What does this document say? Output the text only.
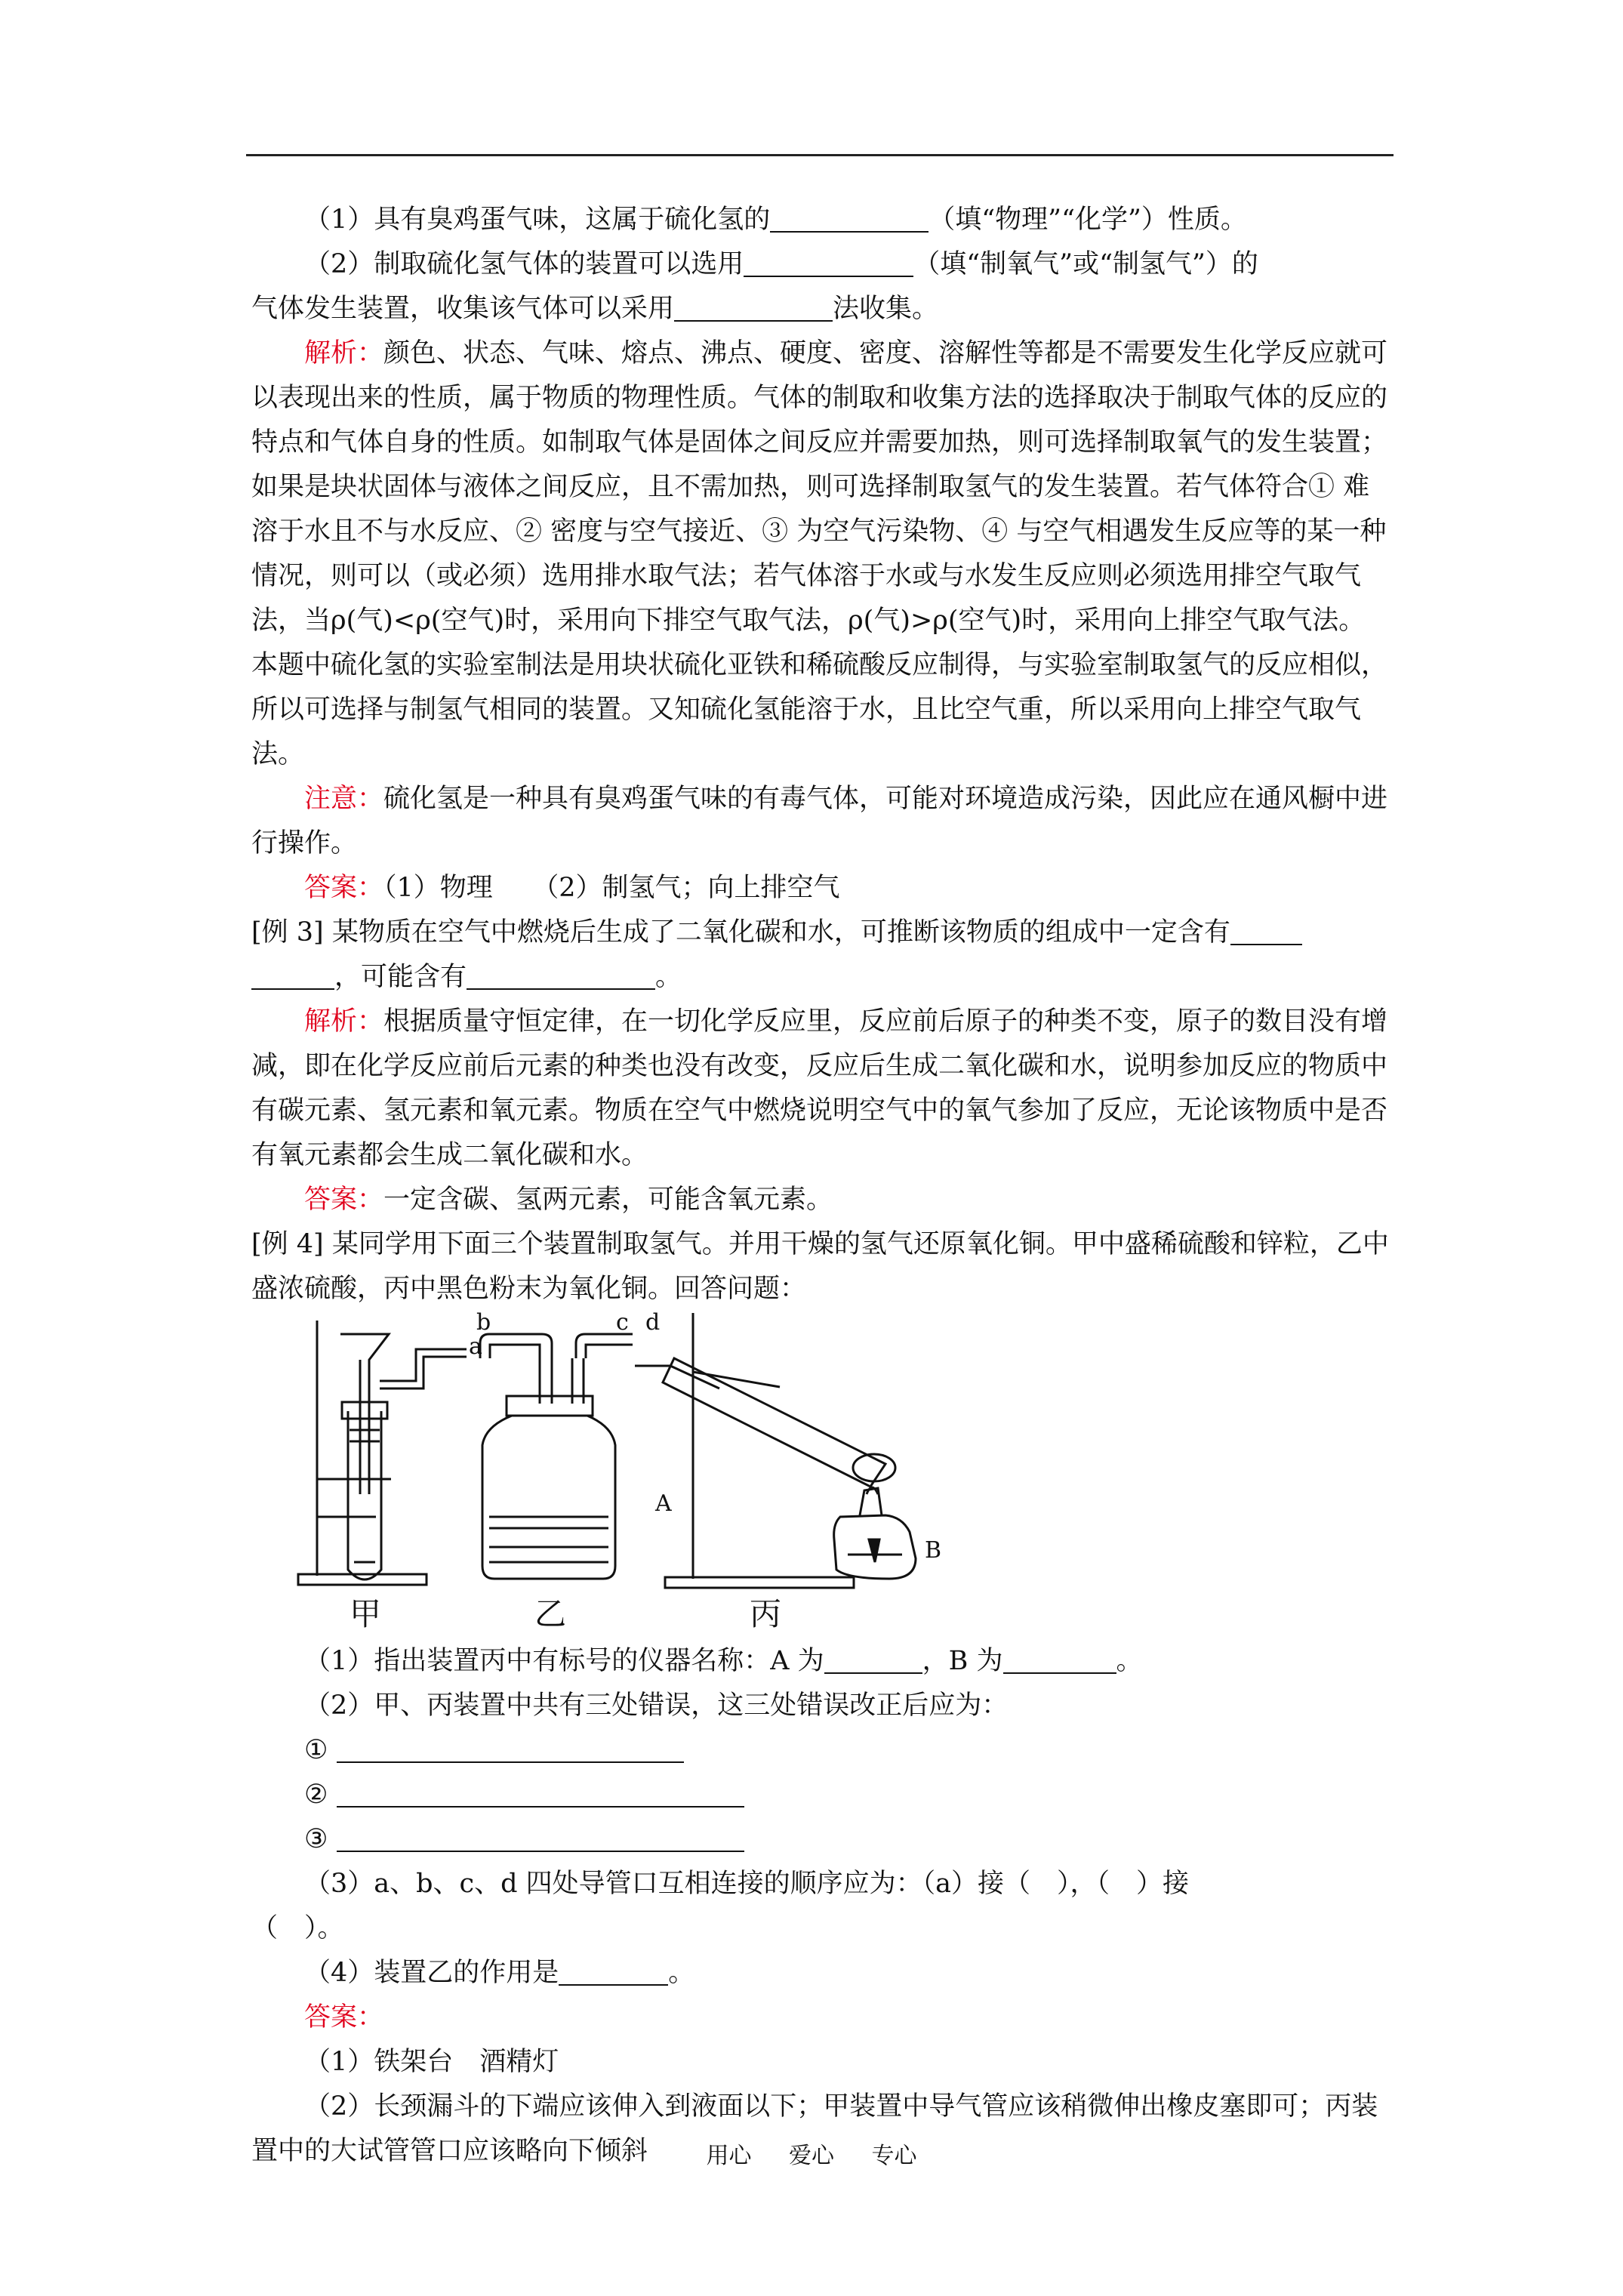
（1）具有臭鸡蛋气味，这属于硫化氢的	（填“物理”“化学”）性质。

（2）制取硫化氢气体的装置可以选用	（填“制氧气”或“制氢气”）的

气体发生装置，收集该气体可以采用	法收集。

解析：颜色、状态、气味、熔点、沸点、硬度、密度、溶解性等都是不需要发生化学反应就可以表现出来的性质，属于物质的物理性质。气体的制取和收集方法的选择取决于制取气体的反应的特点和气体自身的性质。如制取气体是固体之间反应并需要加热，则可选择制取氧气的发生装置；如果是块状固体与液体之间反应，且不需加热，则可选择制取氢气的发生装置。若气体符合① 难溶于水且不与水反应、② 密度与空气接近、③ 为空气污染物、④ 与空气相遇发生反应等的某一种情况，则可以（或必须）选用排水取气法；若气体溶于水或与水发生反应则必须选用排空气取气法，当ρ(气)<ρ(空气)时，采用向下排空气取气法，ρ(气)>ρ(空气)时，采用向上排空气取气法。本题中硫化氢的实验室制法是用块状硫化亚铁和稀硫酸反应制得，与实验室制取氢气的反应相似，所以可选择与制氢气相同的装置。又知硫化氢能溶于水，且比空气重，所以采用向上排空气取气法。

注意：硫化氢是一种具有臭鸡蛋气味的有毒气体，可能对环境造成污染，因此应在通风橱中进行操作。

答案：（1）物理　　（2）制氢气；向上排空气

[例 3] 某物质在空气中燃烧后生成了二氧化碳和水，可推断该物质的组成中一定含有

，可能含有	。

解析：根据质量守恒定律，在一切化学反应里，反应前后原子的种类不变，原子的数目没有增减，即在化学反应前后元素的种类也没有改变，反应后生成二氧化碳和水，说明参加反应的物质中有碳元素、氢元素和氧元素。物质在空气中燃烧说明空气中的氧气参加了反应，无论该物质中是否有氧元素都会生成二氧化碳和水。

答案：一定含碳、氢两元素，可能含氧元素。

[例 4] 某同学用下面三个装置制取氢气。并用干燥的氢气还原氧化铜。甲中盛稀硫酸和锌粒，乙中盛浓硫酸，丙中黑色粉末为氧化铜。回答问题：

a
b	c d
A
B
甲	乙	丙

（1）指出装置丙中有标号的仪器名称：A 为	，B 为	。

（2）甲、丙装置中共有三处错误，这三处错误改正后应为：

①

②

③

（3）a、b、c、d 四处导管口互相连接的顺序应为：（a）接（　），（　）接

（　）。

（4）装置乙的作用是	。

答案：

（1）铁架台　酒精灯

（2）长颈漏斗的下端应该伸入到液面以下；甲装置中导气管应该稍微伸出橡皮塞即可；丙装置中的大试管管口应该略向下倾斜	用心 爱心 专心
